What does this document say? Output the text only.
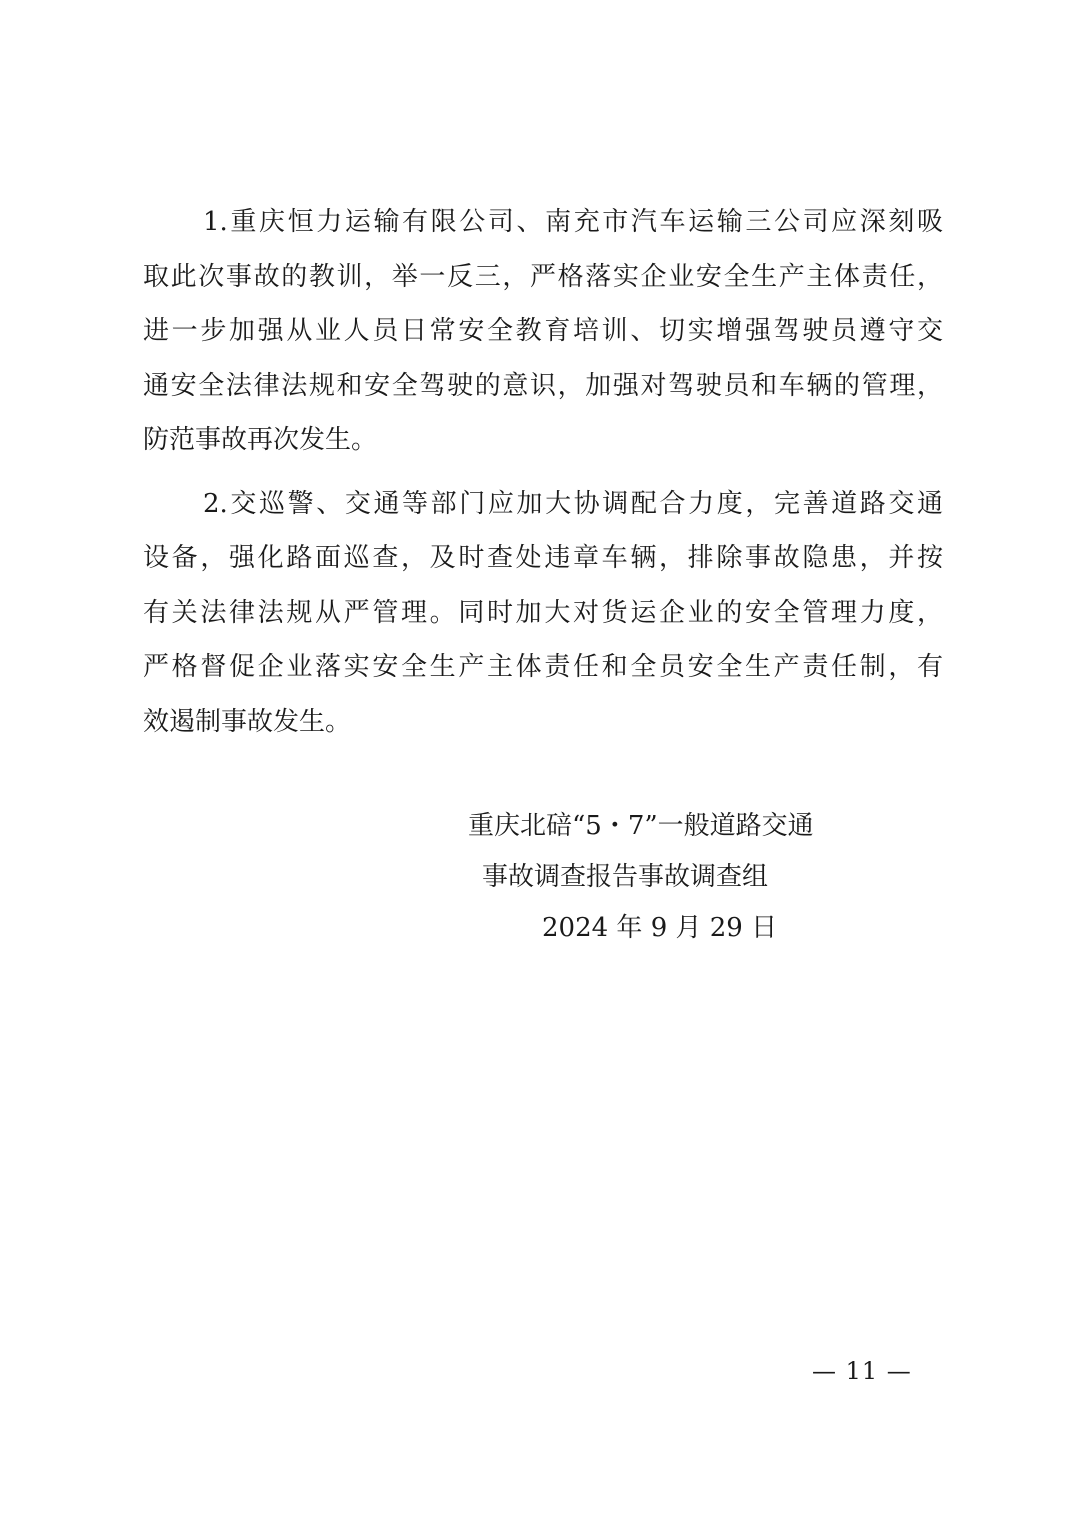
1.重庆恒力运输有限公司、南充市汽车运输三公司应深刻吸
取此次事故的教训，举一反三，严格落实企业安全生产主体责任，
进一步加强从业人员日常安全教育培训、切实增强驾驶员遵守交
通安全法律法规和安全驾驶的意识，加强对驾驶员和车辆的管理，
防范事故再次发生。
2.交巡警、交通等部门应加大协调配合力度，完善道路交通
设备，强化路面巡查，及时查处违章车辆，排除事故隐患，并按
有关法律法规从严管理。同时加大对货运企业的安全管理力度，
严格督促企业落实安全生产主体责任和全员安全生产责任制，有
效遏制事故发生。
重庆北碚“5・7”一般道路交通
事故调查报告事故调查组
2024 年 9 月 29 日
— 11 —
